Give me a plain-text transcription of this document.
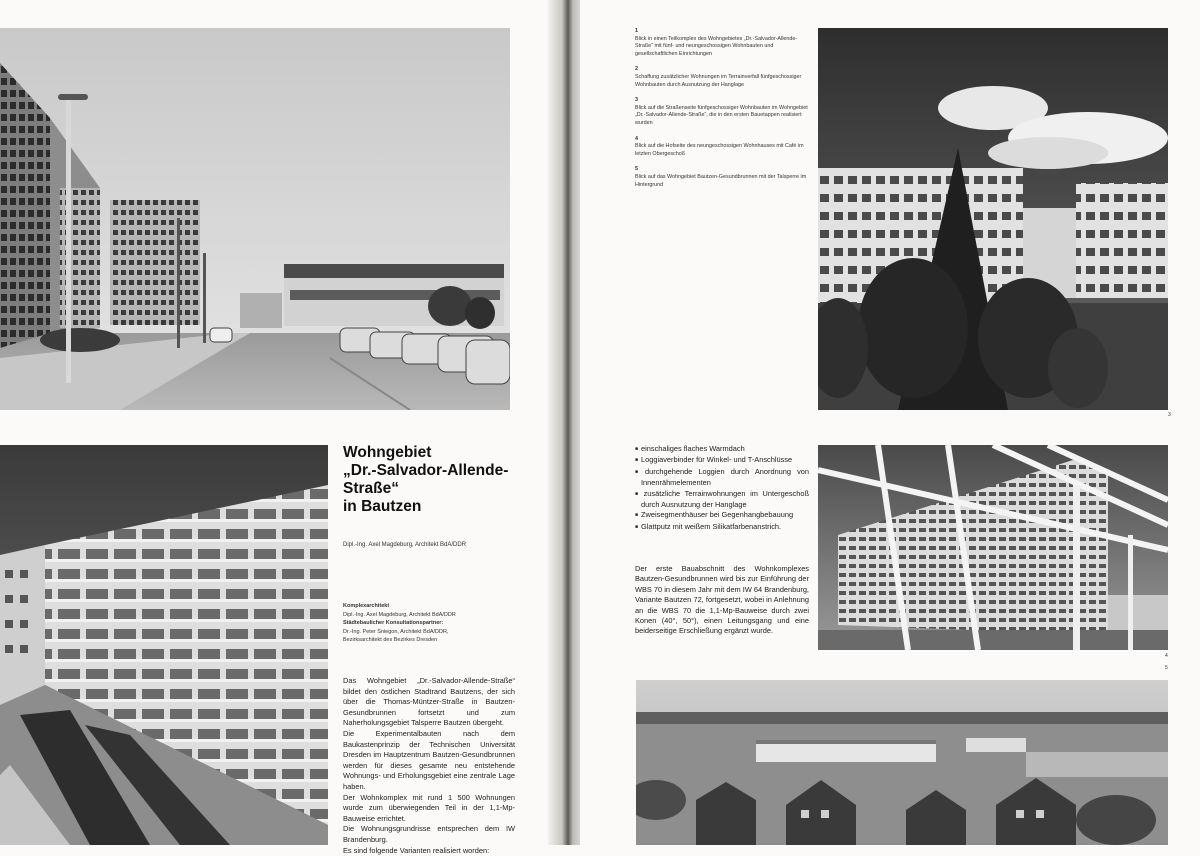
Wohngebiet
„Dr.-Salvador-Allende-
Straße“
in Bautzen
Dipl.-Ing. Axel Magdeburg, Architekt BdA/DDR
Komplexarchitekt
Dipl.-Ing. Axel Magdeburg, Architekt BdA/DDR
Städtebaulicher Konsultationspartner:
Dr.-Ing. Peter Sniegon, Architekt BdA/DDR,
Bezirksarchitekt des Bezirkes Dresden

Das Wohngebiet „Dr.-Salvador-Allende-Straße“ bildet den östlichen Stadtrand Bautzens, der sich über die Thomas-Müntzer-Straße in Bautzen-Gesundbrunnen fortsetzt und zum Naherholungsgebiet Talsperre Bautzen übergeht.

Die Experimentalbauten nach dem Baukastenprinzip der Technischen Universität Dresden im Hauptzentrum Bautzen-Gesundbrunnen werden für dieses gesamte neu entstehende Wohnungs- und Erholungsgebiet eine zentrale Lage haben.

Der Wohnkomplex mit rund 1 500 Wohnungen wurde zum überwiegenden Teil in der 1,1-Mp-Bauweise errichtet.

Die Wohnungsgrundrisse entsprechen dem IW Brandenburg.

Es sind folgende Varianten realisiert worden:

1
Blick in einen Teilkomplex des Wohngebietes „Dr.-Salvador-Allende-Straße“ mit fünf- und neungeschossigen Wohnbauten und gesellschaftlichen Einrichtungen
2
Schaffung zusätzlicher Wohnungen im Terrainverfall fünfgeschossiger Wohnbauten durch Ausnutzung der Hanglage
3
Blick auf die Straßenseite fünfgeschossiger Wohnbauten im Wohngebiet „Dr.-Salvador-Allende-Straße“, die in den ersten Bauetappen realisiert wurden
4
Blick auf die Hofseite des neungeschossigen Wohnhauses mit Café im letzten Obergeschoß
5
Blick auf das Wohngebiet Bautzen-Gesundbrunnen mit der Talsperre im Hintergrund
3
■ einschaliges flaches Warmdach
■ Loggiaverbinder für Winkel- und T-Anschlüsse
■ durchgehende Loggien durch Anordnung von Innenrähmelementen
■ zusätzliche Terrainwohnungen im Untergeschoß durch Ausnutzung der Hanglage
■ Zweisegmenthäuser bei Gegenhangbebauung
■ Glattputz mit weißem Silikatfarbenanstrich.

Der erste Bauabschnitt des Wohnkomplexes Bautzen-Gesundbrunnen wird bis zur Einführung der WBS 70 in diesem Jahr mit dem IW 64 Brandenburg, Variante Bautzen 72, fortgesetzt, wobei in Anlehnung an die WBS 70 die 1,1-Mp-Bauweise durch zwei Konen (40°, 50°), einen Leitungsgang und eine beiderseitige Erschließung ergänzt wurde.

4
5
